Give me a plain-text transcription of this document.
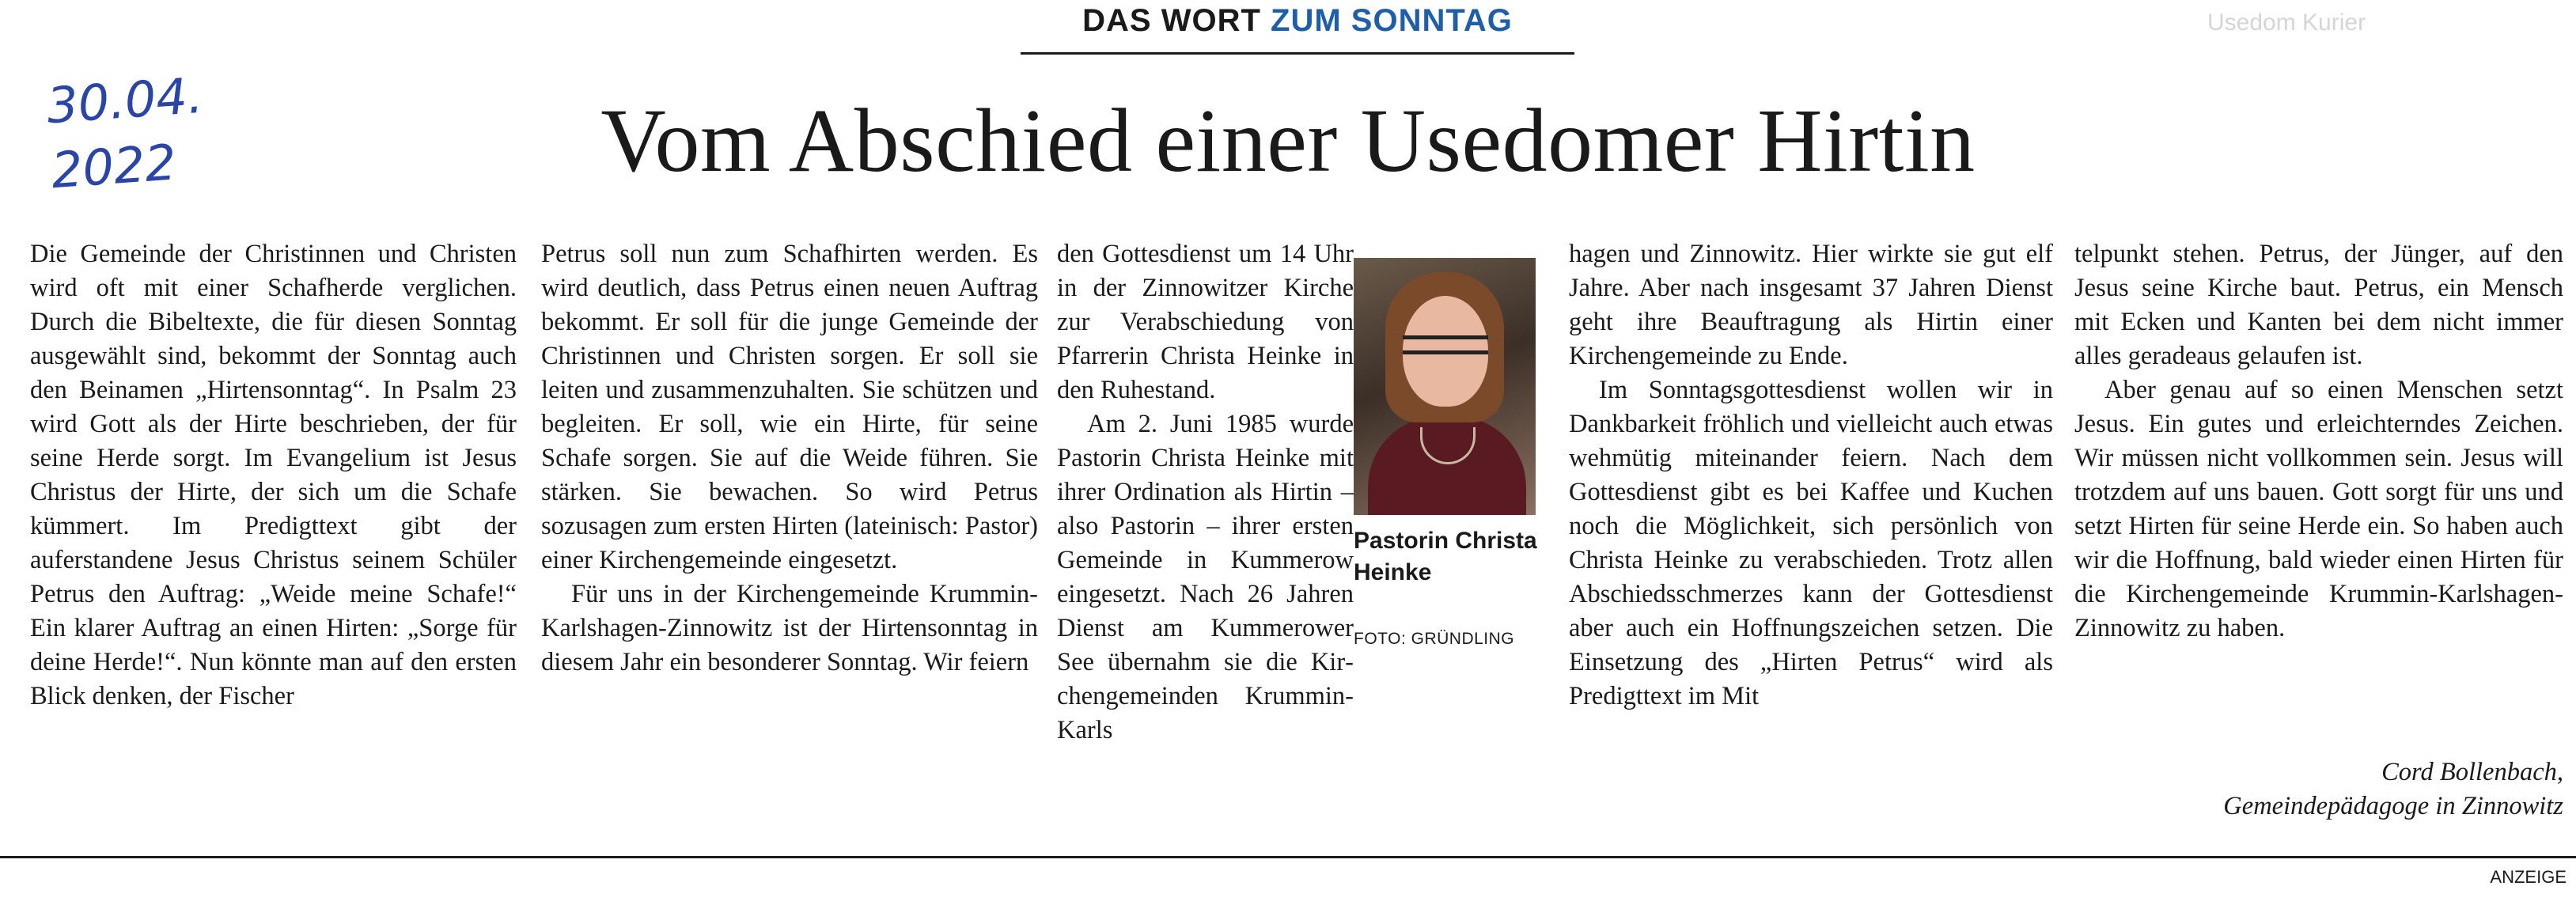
DAS WORT ZUM SONNTAG	Usedom Kurier
30.04.
2022	Vom Abschied einer Usedomer Hirtin

Die Gemeinde der Christinnen und Christen wird oft mit einer Schafherde verglichen. Durch die Bibeltexte, die für diesen Sonntag ausgewählt sind, bekommt der Sonntag auch den Beinamen „Hirtensonntag“. In Psalm 23 wird Gott als der Hirte beschrieben, der für seine Herde sorgt. Im Evangelium ist Jesus Christus der Hirte, der sich um die Schafe kümmert. Im Predigttext gibt der auferstandene Jesus Christus seinem Schüler Petrus den Auftrag: „Weide meine Schafe!“ Ein klarer Auftrag an einen Hirten: „Sorge für deine Herde!“. Nun könnte man auf den ersten Blick denken, der Fischer

Petrus soll nun zum Schafhirten werden. Es wird deutlich, dass Petrus einen neuen Auftrag bekommt. Er soll für die junge Gemeinde der Christinnen und Christen sorgen. Er soll sie leiten und zusammenzuhalten. Sie schützen und begleiten. Er soll, wie ein Hirte, für seine Schafe sorgen. Sie auf die Weide führen. Sie stärken. Sie bewachen. So wird Petrus sozusagen zum ersten Hirten (lateinisch: Pastor) einer Kirchengemeinde eingesetzt.

Für uns in der Kirchengemeinde Krummin-Karlshagen-Zinnowitz ist der Hirtensonntag in diesem Jahr ein besonderer Sonntag. Wir feiern

den Gottesdienst um 14 Uhr in der Zinnowitzer Kirche zur Verabschiedung von Pfarrerin Christa Heinke in den Ruhestand.

Am 2. Juni 1985 wurde Pastorin Christa Heinke mit ihrer Ordination als Hirtin – also Pastorin – ihrer ersten Gemeinde in Kummerow eingesetzt. Nach 26 Jahren Dienst am Kummerower See übernahm sie die Kirchengemeinden Krummin-Karls

Pastorin Christa Heinke
FOTO: GRÜNDLING

hagen und Zinnowitz. Hier wirkte sie gut elf Jahre. Aber nach insgesamt 37 Jahren Dienst geht ihre Beauftragung als Hirtin einer Kirchengemeinde zu Ende.

Im Sonntagsgottesdienst wollen wir in Dankbarkeit fröhlich und vielleicht auch etwas wehmütig miteinander feiern. Nach dem Gottesdienst gibt es bei Kaffee und Kuchen noch die Möglichkeit, sich persönlich von Christa Heinke zu verabschieden. Trotz allen Abschiedsschmerzes kann der Gottesdienst aber auch ein Hoffnungszeichen setzen. Die Einsetzung des „Hirten Petrus“ wird als Predigttext im Mit

telpunkt stehen. Petrus, der Jünger, auf den Jesus seine Kirche baut. Petrus, ein Mensch mit Ecken und Kanten bei dem nicht immer alles geradeaus gelaufen ist.

Aber genau auf so einen Menschen setzt Jesus. Ein gutes und erleichterndes Zeichen. Wir müssen nicht vollkommen sein. Jesus will trotzdem auf uns bauen. Gott sorgt für uns und setzt Hirten für seine Herde ein. So haben auch wir die Hoffnung, bald wieder einen Hirten für die Kirchengemeinde Krummin-Karlshagen-Zinnowitz zu haben.

Cord Bollenbach,
Gemeindepädagoge in Zinnowitz
ANZEIGE
